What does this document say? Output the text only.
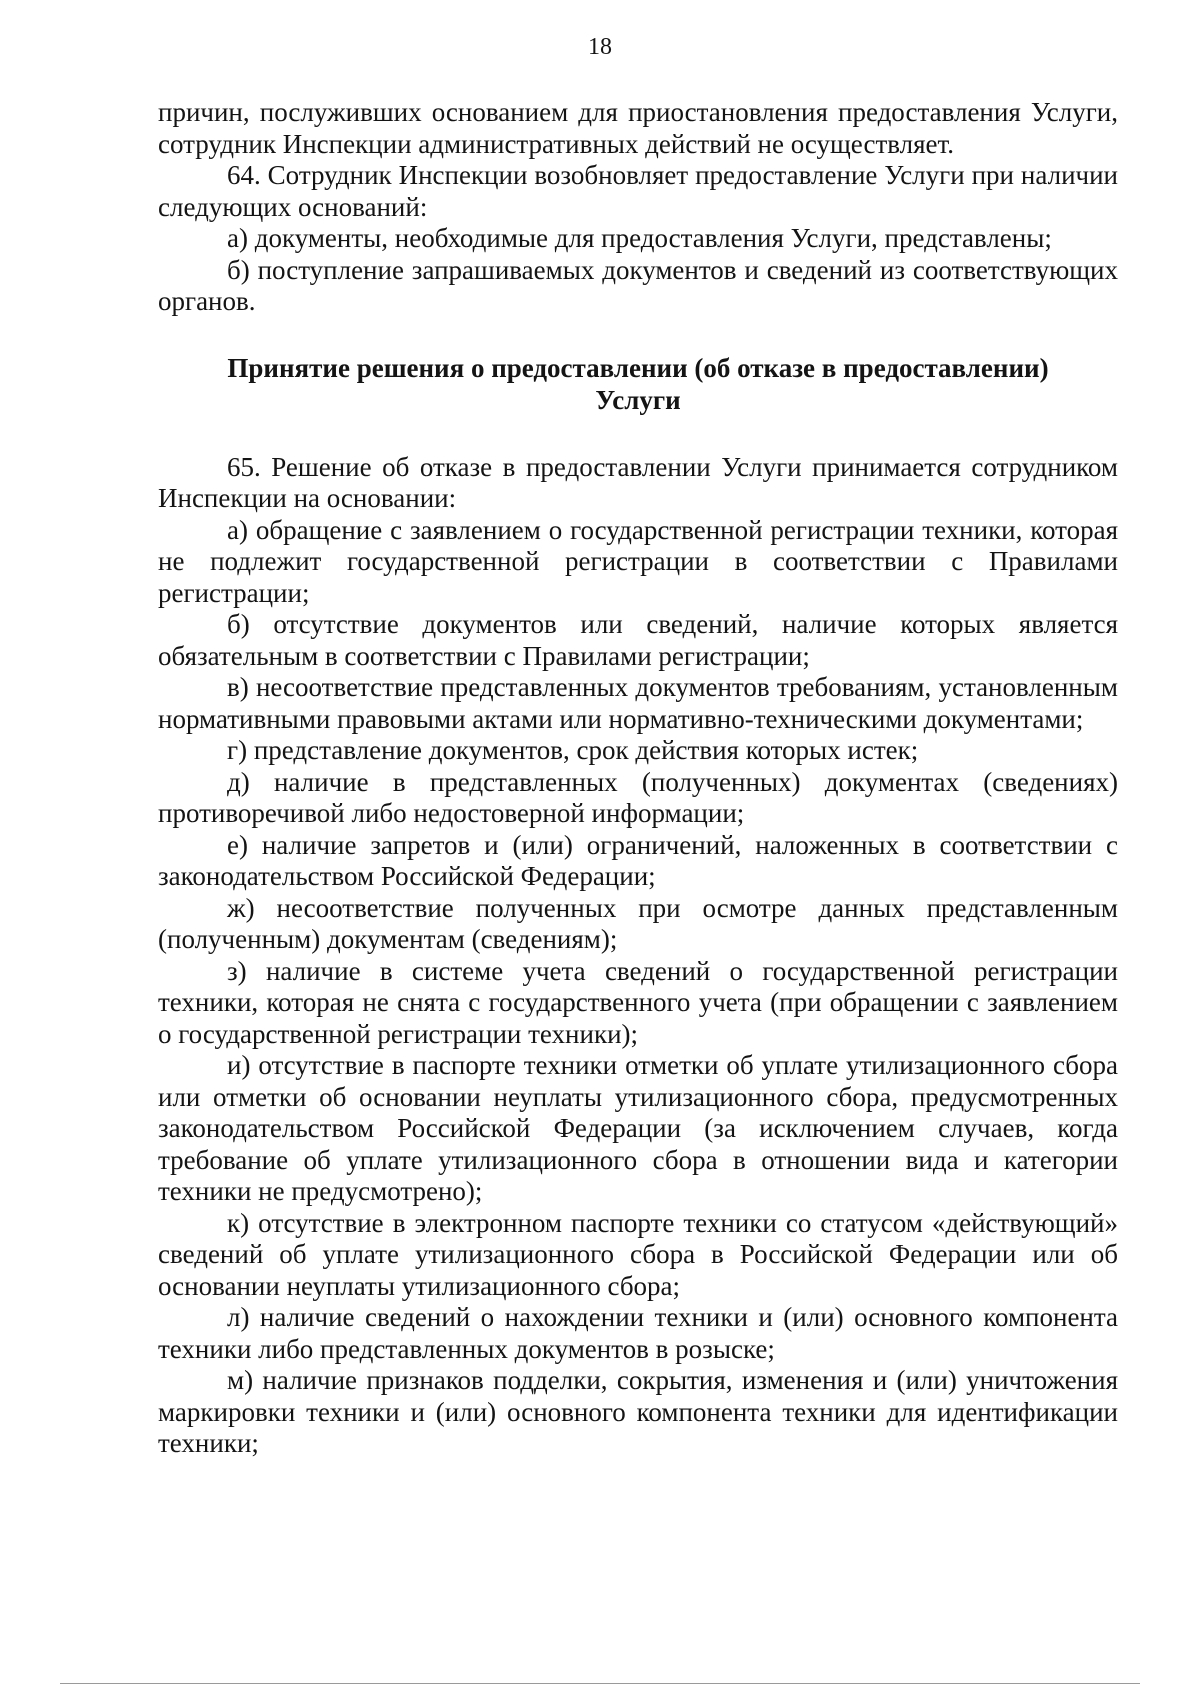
18

причин, послуживших основанием для приостановления предоставления Услуги, сотрудник Инспекции административных действий не осуществляет.

64. Сотрудник Инспекции возобновляет предоставление Услуги при наличии следующих оснований:

а) документы, необходимые для предоставления Услуги, представлены;

б) поступление запрашиваемых документов и сведений из соответствующих органов.

Принятие решения о предоставлении (об отказе в предоставлении)
Услуги

65. Решение об отказе в предоставлении Услуги принимается сотрудником Инспекции на основании:

а) обращение с заявлением о государственной регистрации техники, которая не подлежит государственной регистрации в соответствии с Правилами регистрации;

б) отсутствие документов или сведений, наличие которых является обязательным в соответствии с Правилами регистрации;

в) несоответствие представленных документов требованиям, установленным нормативными правовыми актами или нормативно-техническими документами;

г) представление документов, срок действия которых истек;

д) наличие в представленных (полученных) документах (сведениях) противоречивой либо недостоверной информации;

е) наличие запретов и (или) ограничений, наложенных в соответствии с законодательством Российской Федерации;

ж) несоответствие полученных при осмотре данных представленным (полученным) документам (сведениям);

з) наличие в системе учета сведений о государственной регистрации техники, которая не снята с государственного учета (при обращении с заявлением о государственной регистрации техники);

и) отсутствие в паспорте техники отметки об уплате утилизационного сбора или отметки об основании неуплаты утилизационного сбора, предусмотренных законодательством Российской Федерации (за исключением случаев, когда требование об уплате утилизационного сбора в отношении вида и категории техники не предусмотрено);

к) отсутствие в электронном паспорте техники со статусом «действующий» сведений об уплате утилизационного сбора в Российской Федерации или об основании неуплаты утилизационного сбора;

л) наличие сведений о нахождении техники и (или) основного компонента техники либо представленных документов в розыске;

м) наличие признаков подделки, сокрытия, изменения и (или) уничтожения маркировки техники и (или) основного компонента техники для идентификации техники;
